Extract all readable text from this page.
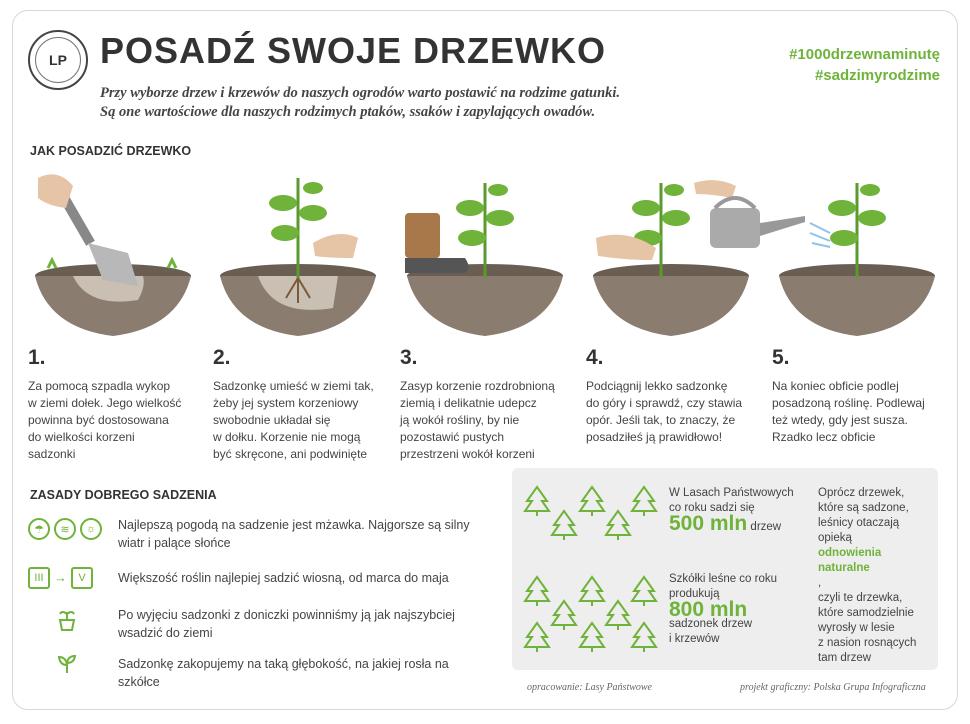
LP POSADŹ SWOJE DRZEWKO
Przy wyborze drzew i krzewów do naszych ogrodów warto postawić na rodzime gatunki.
Są one wartościowe dla naszych rodzimych ptaków, ssaków i zapylających owadów.
#1000drzewnaminutę
#sadzimyrodzime
JAK POSADZIĆ DRZEWKO
1.
Za pomocą szpadla wykop
w ziemi dołek. Jego wielkość
powinna być dostosowana
do wielkości korzeni
sadzonki
2.
Sadzonkę umieść w ziemi tak,
żeby jej system korzeniowy
swobodnie układał się
w dołku. Korzenie nie mogą
być skręcone, ani podwinięte
3.
Zasyp korzenie rozdrobnioną
ziemią i delikatnie udepcz
ją wokół rośliny, by nie
pozostawić pustych
przestrzeni wokół korzeni
4.
Podciągnij lekko sadzonkę
do góry i sprawdź, czy stawia
opór. Jeśli tak, to znaczy, że
posadziłeś ją prawidłowo!
5.
Na koniec obficie podlej
posadzoną roślinę. Podlewaj
też wtedy, gdy jest susza.
Rzadko lecz obficie
ZASADY DOBREGO SADZENIA
☂	≋	☼	Najlepszą pogodą na sadzenie jest mżawka. Najgorsze są silny
wiatr i palące słońce
III →	V	Większość roślin najlepiej sadzić wiosną, od marca do maja
Po wyjęciu sadzonki z doniczki powinniśmy ją jak najszybciej
wsadzić do ziemi
Sadzonkę zakopujemy na taką głębokość, na jakiej rosła na szkółce
W Lasach Państwowych
co roku sadzi się
500 mln drzew
Szkółki leśne co roku
produkują
800 mln
sadzonek drzew
i krzewów
Oprócz drzewek,
które są sadzone,
leśnicy otaczają
opieką
odnowienia
naturalne
,
czyli te drzewka,
które samodzielnie
wyrosły w lesie
z nasion rosnących
tam drzew
opracowanie: Lasy Państwowe	projekt graficzny: Polska Grupa Infograficzna
